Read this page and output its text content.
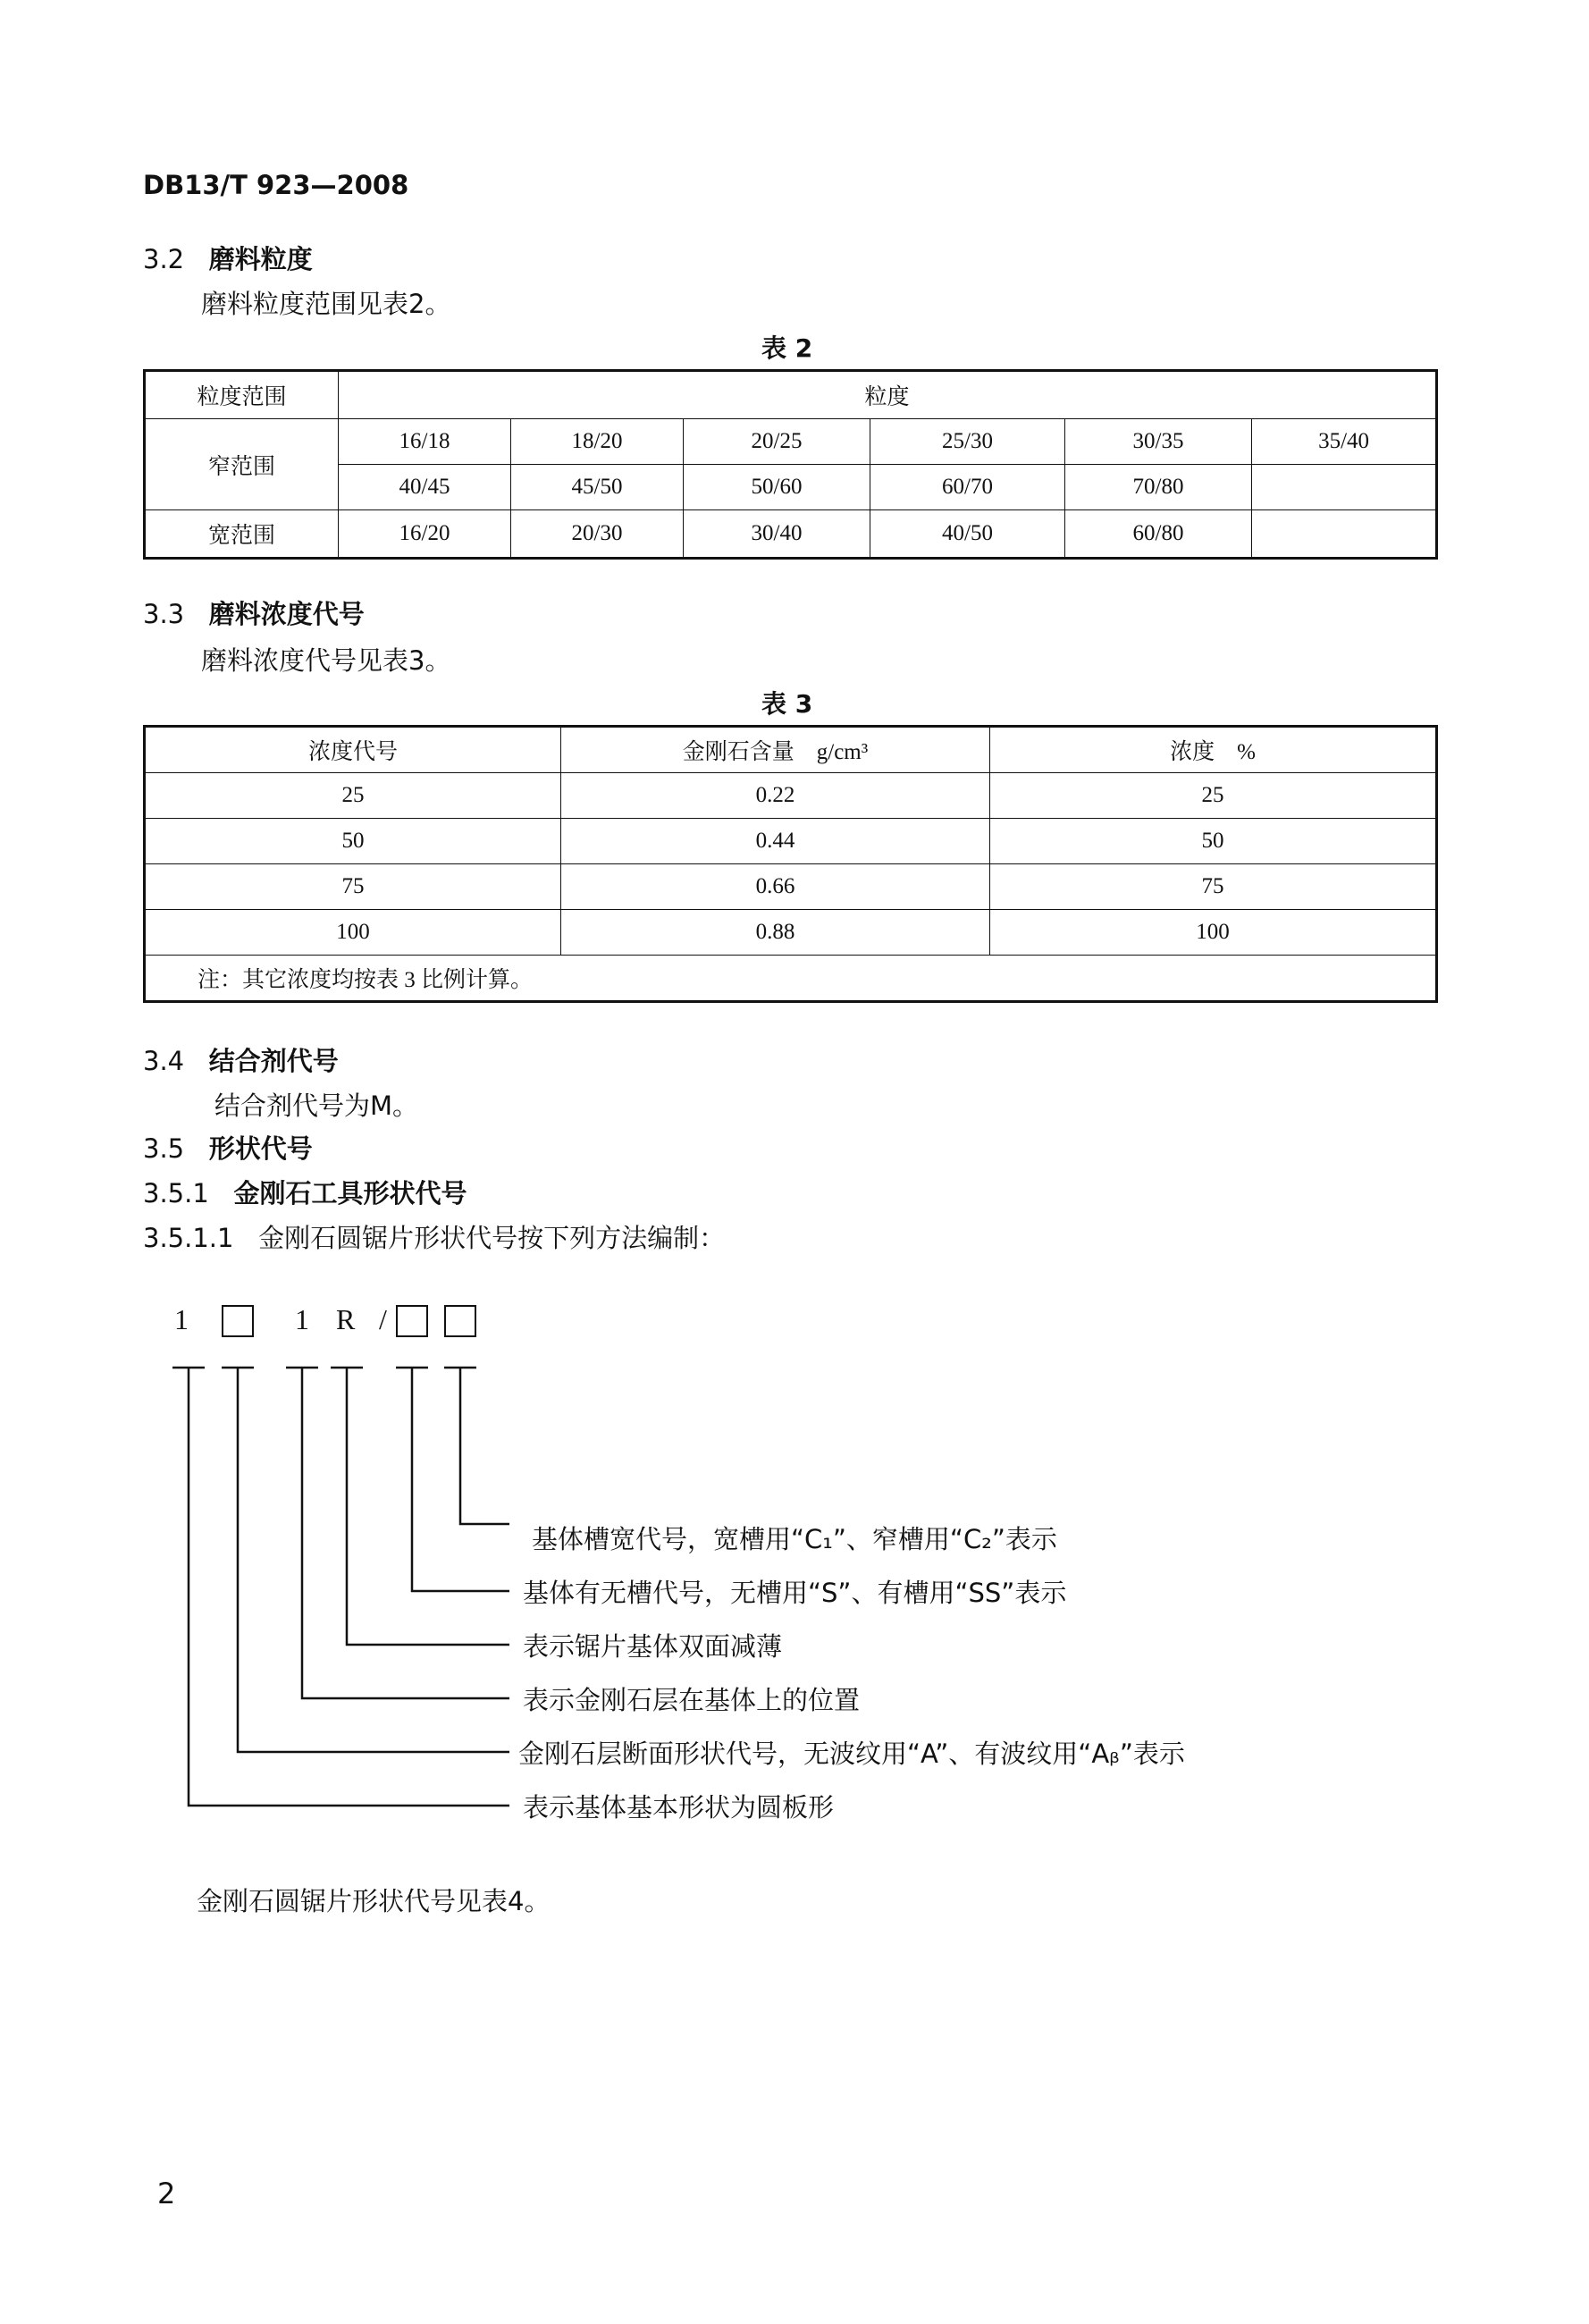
DB13/T 923—2008
3.2 磨料粒度
磨料粒度范围见表2。
表 2
粒度范围	粒度					
窄范围	16/18	18/20	20/25	25/30	30/35	35/40
	40/45	45/50	50/60	60/70	70/80	
宽范围	16/20	20/30	30/40	40/50	60/80	
3.3 磨料浓度代号
磨料浓度代号见表3。
表 3
浓度代号	金刚石含量　g/cm³	浓度　%
25	0.22	25
50	0.44	50
75	0.66	75
100	0.88	100
注：其它浓度均按表 3 比例计算。		
3.4 结合剂代号
结合剂代号为M。
3.5 形状代号
3.5.1 金刚石工具形状代号
3.5.1.1 金刚石圆锯片形状代号按下列方法编制：
1	1 R /
基体槽宽代号，宽槽用“C₁”、窄槽用“C₂”表示
基体有无槽代号，无槽用“S”、有槽用“SS”表示
表示锯片基体双面减薄
表示金刚石层在基体上的位置
金刚石层断面形状代号，无波纹用“A”、有波纹用“Aᵦ”表示
表示基体基本形状为圆板形
金刚石圆锯片形状代号见表4。
2
